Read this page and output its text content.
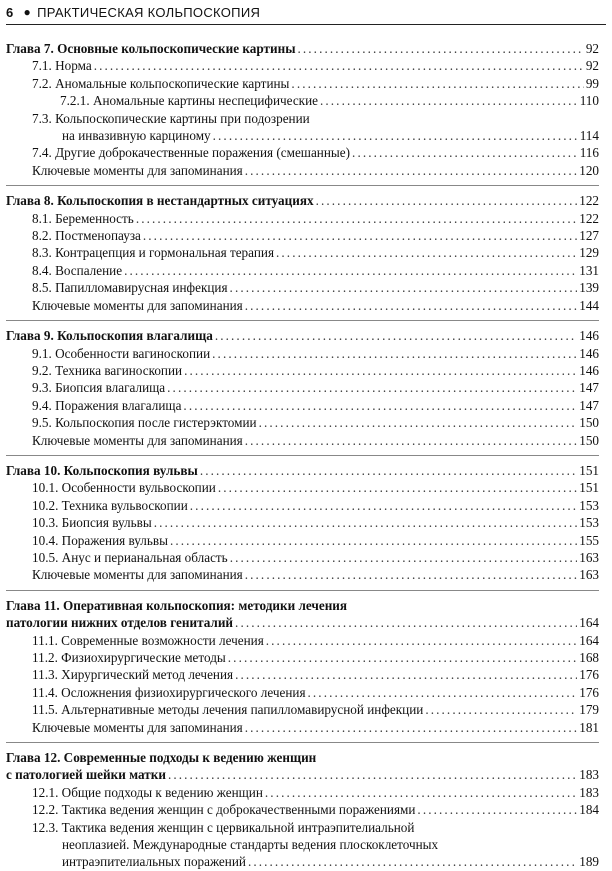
6 ● ПРАКТИЧЕСКАЯ КОЛЬПОСКОПИЯ
Глава 7. Основные кольпоскопические картины . . .	92
7.1. Норма . . .	92
7.2. Аномальные кольпоскопические картины . . .	99
7.2.1. Аномальные картины неспецифические . . .	110
7.3. Кольпоскопические картины при подозрении
на инвазивную карциному . . .	114
7.4. Другие доброкачественные поражения (смешанные) . . .	116
Ключевые моменты для запоминания . . .	120
Глава 8. Кольпоскопия в нестандартных ситуациях . . .	122
8.1. Беременность . . .	122
8.2. Постменопауза . . .	127
8.3. Контрацепция и гормональная терапия . . .	129
8.4. Воспаление . . .	131
8.5. Папилломавирусная инфекция . . .	139
Ключевые моменты для запоминания . . .	144
Глава 9. Кольпоскопия влагалища . . .	146
9.1. Особенности вагиноскопии . . .	146
9.2. Техника вагиноскопии . . .	146
9.3. Биопсия влагалища . . .	147
9.4. Поражения влагалища . . .	147
9.5. Кольпоскопия после гистерэктомии . . .	150
Ключевые моменты для запоминания . . .	150
Глава 10. Кольпоскопия вульвы . . .	151
10.1. Особенности вульвоскопии . . .	151
10.2. Техника вульвоскопии . . .	153
10.3. Биопсия вульвы . . .	153
10.4. Поражения вульвы . . .	155
10.5. Анус и перианальная область . . .	163
Ключевые моменты для запоминания . . .	163
Глава 11. Оперативная кольпоскопия: методики лечения
патологии нижних отделов гениталий . . .	164
11.1. Современные возможности лечения . . .	164
11.2. Физиохирургические методы . . .	168
11.3. Хирургический метод лечения . . .	176
11.4. Осложнения физиохирургического лечения . . .	176
11.5. Альтернативные методы лечения папилломавирусной инфекции . . .	179
Ключевые моменты для запоминания . . .	181
Глава 12. Современные подходы к ведению женщин
с патологией шейки матки . . .	183
12.1. Общие подходы к ведению женщин . . .	183
12.2. Тактика ведения женщин с доброкачественными поражениями . . .	184
12.3. Тактика ведения женщин с цервикальной интраэпителиальной
неоплазией. Международные стандарты ведения плоскоклеточных
интраэпителиальных поражений . . .	189
